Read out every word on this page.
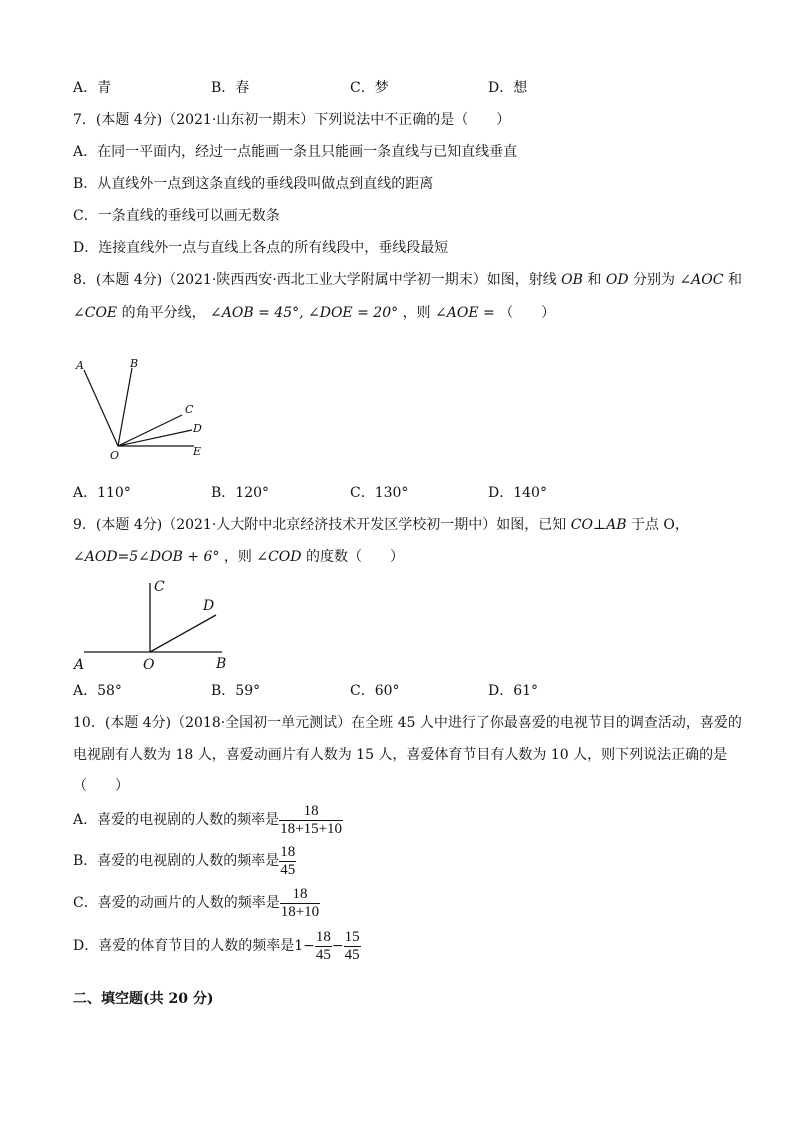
A．青	B．春	C．梦	D．想
7．(本题 4分)（2021·山东初一期末）下列说法中不正确的是（　　）
A．在同一平面内，经过一点能画一条且只能画一条直线与已知直线垂直
B．从直线外一点到这条直线的垂线段叫做点到直线的距离
C．一条直线的垂线可以画无数条
D．连接直线外一点与直线上各点的所有线段中，垂线段最短
8．(本题 4分)（2021·陕西西安·西北工业大学附属中学初一期末）如图，射线 OB 和 OD 分别为 ∠AOC 和
∠COE 的角平分线， ∠AOB = 45°, ∠DOE = 20° ，则 ∠AOE = （　　）
A	B
C
D
E
O
A．110°	B．120°	C．130°	D．140°
9．(本题 4分)（2021·人大附中北京经济技术开发区学校初一期中）如图，已知 CO⊥AB 于点 O，
∠AOD=5∠DOB + 6° ，则 ∠COD 的度数（　　）
C
D
A	O	B
A．58°	B．59°	C．60°	D．61°
10．(本题 4分)（2018·全国初一单元测试）在全班 45 人中进行了你最喜爱的电视节目的调查活动，喜爱的
电视剧有人数为 18 人，喜爱动画片有人数为 15 人，喜爱体育节目有人数为 10 人，则下列说法正确的是
（　　）
A．喜爱的电视剧的人数的频率是 $\frac{18}{18+15+10}$
B．喜爱的电视剧的人数的频率是 $\frac{18}{45}$
C．喜爱的动画片的人数的频率是 $\frac{18}{18+10}$
D．喜爱的体育节目的人数的频率是$1- \frac{18}{45} - \frac{15}{45}$
二、填空题(共 20 分)
